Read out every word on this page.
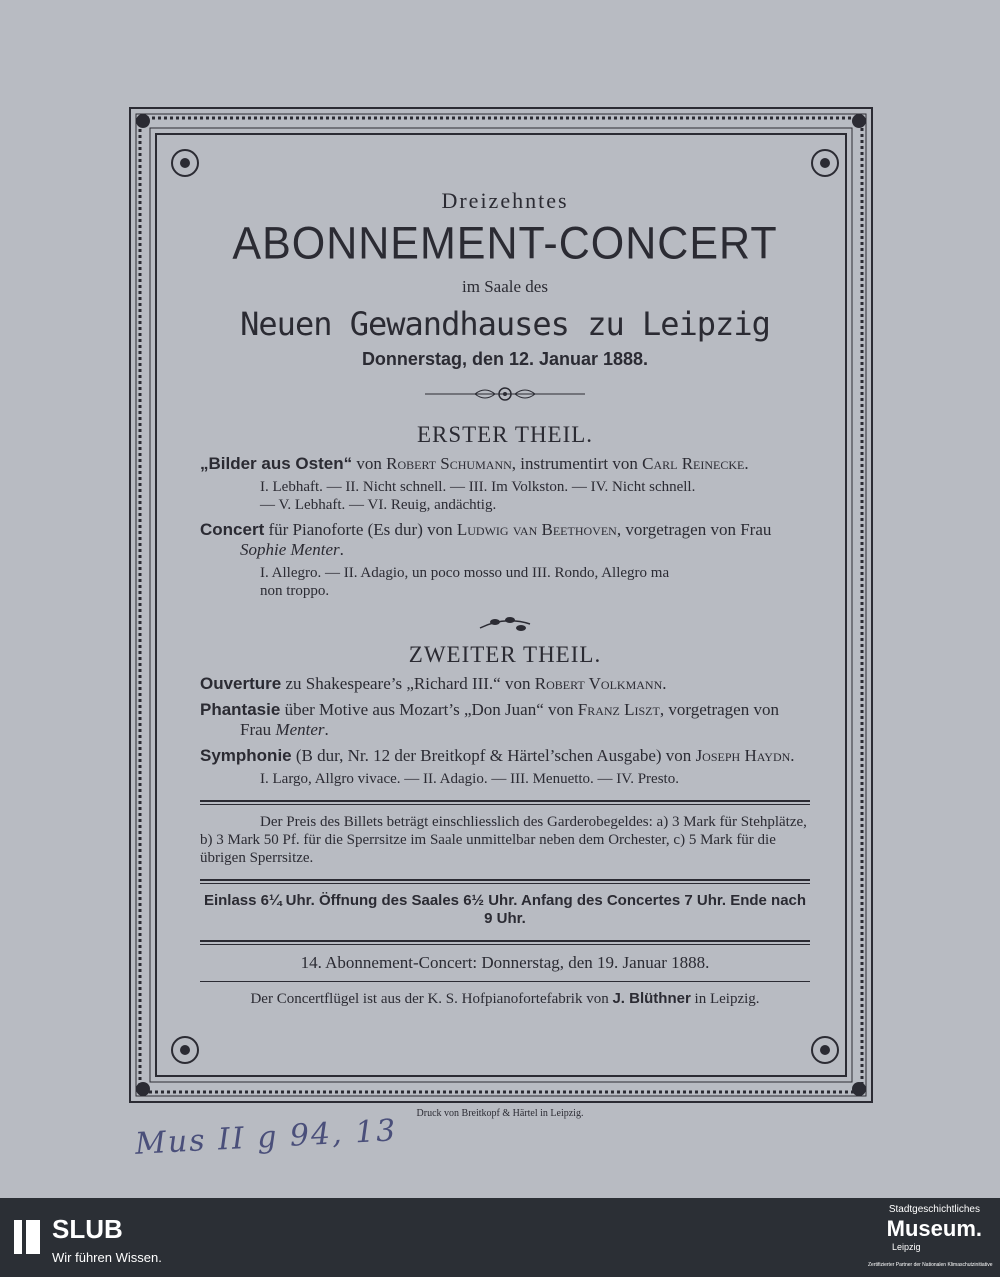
Dreizehntes
ABONNEMENT-CONCERT
im Saale des
Neuen Gewandhauses zu Leipzig
Donnerstag, den 12. Januar 1888.
ERSTER THEIL.
„Bilder aus Osten“ von Robert Schumann, instrumentirt von Carl Reinecke.
I. Lebhaft. — II. Nicht schnell. — III. Im Volkston. — IV. Nicht schnell.
— V. Lebhaft. — VI. Reuig, andächtig.
Concert für Pianoforte (Es dur) von Ludwig van Beethoven, vorgetragen von Frau Sophie Menter.
I. Allegro. — II. Adagio, un poco mosso und III. Rondo, Allegro ma
non troppo.
ZWEITER THEIL.
Ouverture zu Shakespeare’s „Richard III.“ von Robert Volkmann.
Phantasie über Motive aus Mozart’s „Don Juan“ von Franz Liszt, vorgetragen von Frau Menter.
Symphonie (B dur, Nr. 12 der Breitkopf & Härtel’schen Ausgabe) von Joseph Haydn.
I. Largo, Allgro vivace. — II. Adagio. — III. Menuetto. — IV. Presto.
Der Preis des Billets beträgt einschliesslich des Garderobegeldes: a) 3 Mark für Stehplätze, b) 3 Mark 50 Pf. für die Sperrsitze im Saale unmittelbar neben dem Orchester, c) 5 Mark für die übrigen Sperrsitze.
Einlass 6¼ Uhr. Öffnung des Saales 6½ Uhr. Anfang des Concertes 7 Uhr. Ende nach 9 Uhr.
14. Abonnement-Concert: Donnerstag, den 19. Januar 1888.
Der Concertflügel ist aus der K. S. Hofpianofortefabrik von J. Blüthner in Leipzig.
Druck von Breitkopf & Härtel in Leipzig.
Mus II g 94, 13
SLUB
Wir führen Wissen.
Stadtgeschichtliches
Museum.
Leipzig
Zertifizierter Partner der Nationalen Klimaschutzinitiative
